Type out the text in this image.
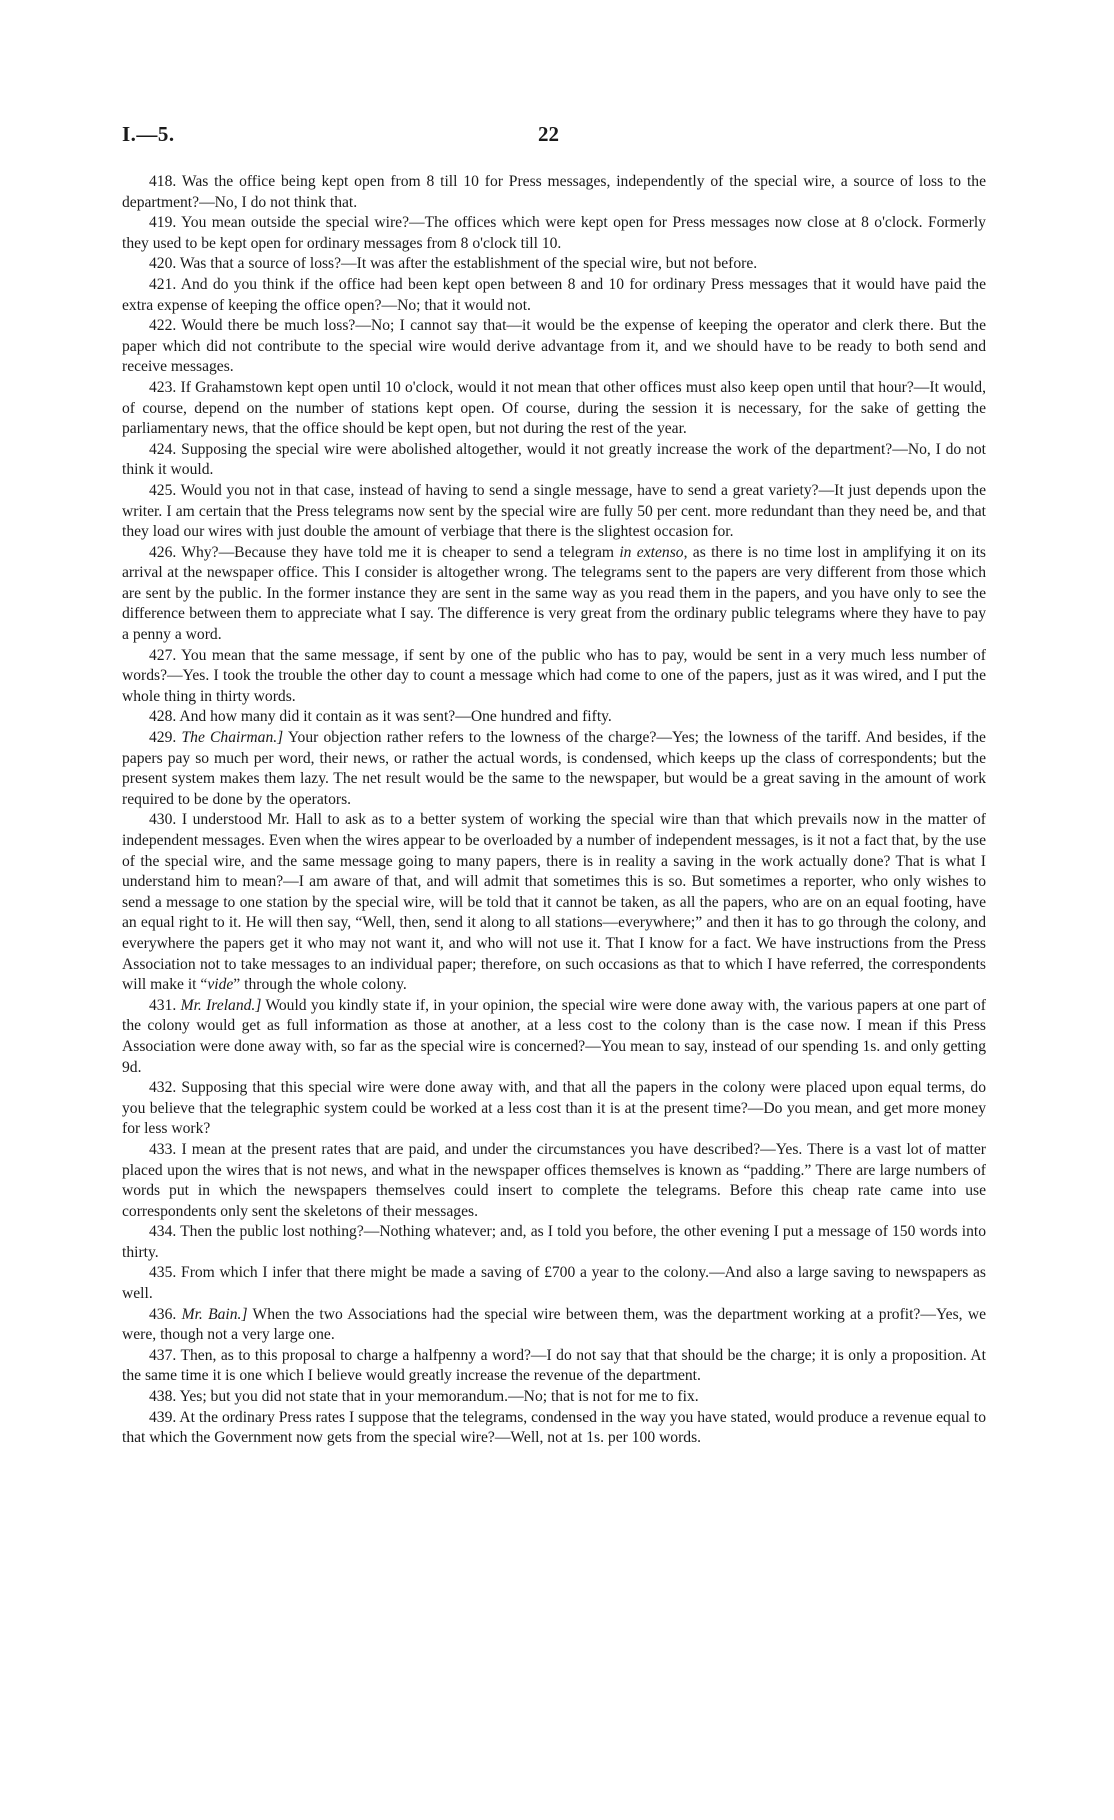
I.—5.	22

418. Was the office being kept open from 8 till 10 for Press messages, independently of the special wire, a source of loss to the department?—No, I do not think that.

419. You mean outside the special wire?—The offices which were kept open for Press messages now close at 8 o'clock. Formerly they used to be kept open for ordinary messages from 8 o'clock till 10.

420. Was that a source of loss?—It was after the establishment of the special wire, but not before.

421. And do you think if the office had been kept open between 8 and 10 for ordinary Press messages that it would have paid the extra expense of keeping the office open?—No; that it would not.

422. Would there be much loss?—No; I cannot say that—it would be the expense of keeping the operator and clerk there. But the paper which did not contribute to the special wire would derive advantage from it, and we should have to be ready to both send and receive messages.

423. If Grahamstown kept open until 10 o'clock, would it not mean that other offices must also keep open until that hour?—It would, of course, depend on the number of stations kept open. Of course, during the session it is necessary, for the sake of getting the parliamentary news, that the office should be kept open, but not during the rest of the year.

424. Supposing the special wire were abolished altogether, would it not greatly increase the work of the department?—No, I do not think it would.

425. Would you not in that case, instead of having to send a single message, have to send a great variety?—It just depends upon the writer. I am certain that the Press telegrams now sent by the special wire are fully 50 per cent. more redundant than they need be, and that they load our wires with just double the amount of verbiage that there is the slightest occasion for.

426. Why?—Because they have told me it is cheaper to send a telegram in extenso, as there is no time lost in amplifying it on its arrival at the newspaper office. This I consider is altogether wrong. The telegrams sent to the papers are very different from those which are sent by the public. In the former instance they are sent in the same way as you read them in the papers, and you have only to see the difference between them to appreciate what I say. The difference is very great from the ordinary public telegrams where they have to pay a penny a word.

427. You mean that the same message, if sent by one of the public who has to pay, would be sent in a very much less number of words?—Yes. I took the trouble the other day to count a message which had come to one of the papers, just as it was wired, and I put the whole thing in thirty words.

428. And how many did it contain as it was sent?—One hundred and fifty.

429. The Chairman.] Your objection rather refers to the lowness of the charge?—Yes; the lowness of the tariff. And besides, if the papers pay so much per word, their news, or rather the actual words, is condensed, which keeps up the class of correspondents; but the present system makes them lazy. The net result would be the same to the newspaper, but would be a great saving in the amount of work required to be done by the operators.

430. I understood Mr. Hall to ask as to a better system of working the special wire than that which prevails now in the matter of independent messages. Even when the wires appear to be overloaded by a number of independent messages, is it not a fact that, by the use of the special wire, and the same message going to many papers, there is in reality a saving in the work actually done? That is what I understand him to mean?—I am aware of that, and will admit that sometimes this is so. But sometimes a reporter, who only wishes to send a message to one station by the special wire, will be told that it cannot be taken, as all the papers, who are on an equal footing, have an equal right to it. He will then say, “Well, then, send it along to all stations—everywhere;” and then it has to go through the colony, and everywhere the papers get it who may not want it, and who will not use it. That I know for a fact. We have instructions from the Press Association not to take messages to an individual paper; therefore, on such occasions as that to which I have referred, the correspondents will make it “vide” through the whole colony.

431. Mr. Ireland.] Would you kindly state if, in your opinion, the special wire were done away with, the various papers at one part of the colony would get as full information as those at another, at a less cost to the colony than is the case now. I mean if this Press Association were done away with, so far as the special wire is concerned?—You mean to say, instead of our spending 1s. and only getting 9d.

432. Supposing that this special wire were done away with, and that all the papers in the colony were placed upon equal terms, do you believe that the telegraphic system could be worked at a less cost than it is at the present time?—Do you mean, and get more money for less work?

433. I mean at the present rates that are paid, and under the circumstances you have described?—Yes. There is a vast lot of matter placed upon the wires that is not news, and what in the newspaper offices themselves is known as “padding.” There are large numbers of words put in which the newspapers themselves could insert to complete the telegrams. Before this cheap rate came into use correspondents only sent the skeletons of their messages.

434. Then the public lost nothing?—Nothing whatever; and, as I told you before, the other evening I put a message of 150 words into thirty.

435. From which I infer that there might be made a saving of £700 a year to the colony.—And also a large saving to newspapers as well.

436. Mr. Bain.] When the two Associations had the special wire between them, was the department working at a profit?—Yes, we were, though not a very large one.

437. Then, as to this proposal to charge a halfpenny a word?—I do not say that that should be the charge; it is only a proposition. At the same time it is one which I believe would greatly increase the revenue of the department.

438. Yes; but you did not state that in your memorandum.—No; that is not for me to fix.

439. At the ordinary Press rates I suppose that the telegrams, condensed in the way you have stated, would produce a revenue equal to that which the Government now gets from the special wire?—Well, not at 1s. per 100 words.
